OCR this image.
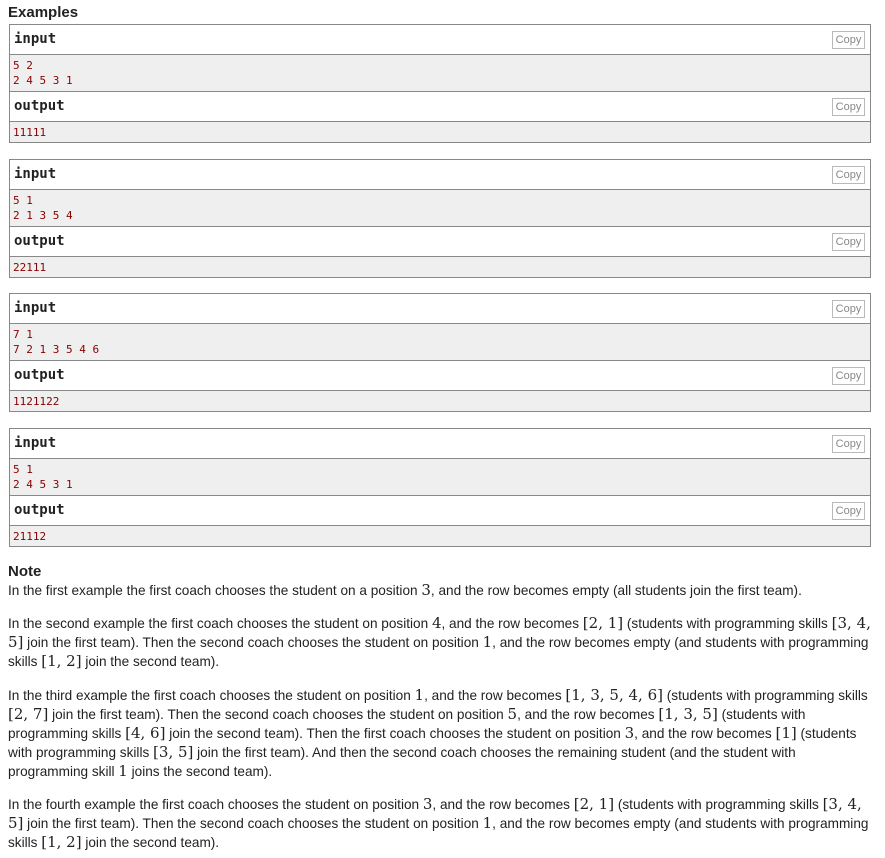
Examples
input	Copy
5 2
2 4 5 3 1
output	Copy
11111
input	Copy
5 1
2 1 3 5 4
output	Copy
22111
input	Copy
7 1
7 2 1 3 5 4 6
output	Copy
1121122
input	Copy
5 1
2 4 5 3 1
output	Copy
21112
Note
In the first example the first coach chooses the student on a position 3, and the row becomes empty (all students join the first team).
In the second example the first coach chooses the student on position 4, and the row becomes [2, 1] (students with programming skills [3, 4, 5] join the first team). Then the second coach chooses the student on position 1, and the row becomes empty (and students with programming skills [1, 2] join the second team).
In the third example the first coach chooses the student on position 1, and the row becomes [1, 3, 5, 4, 6] (students with programming skills [2, 7] join the first team). Then the second coach chooses the student on position 5, and the row becomes [1, 3, 5] (students with programming skills [4, 6] join the second team). Then the first coach chooses the student on position 3, and the row becomes [1] (students with programming skills [3, 5] join the first team). And then the second coach chooses the remaining student (and the student with programming skill 1 joins the second team).
In the fourth example the first coach chooses the student on position 3, and the row becomes [2, 1] (students with programming skills [3, 4, 5] join the first team). Then the second coach chooses the student on position 1, and the row becomes empty (and students with programming skills [1, 2] join the second team).
